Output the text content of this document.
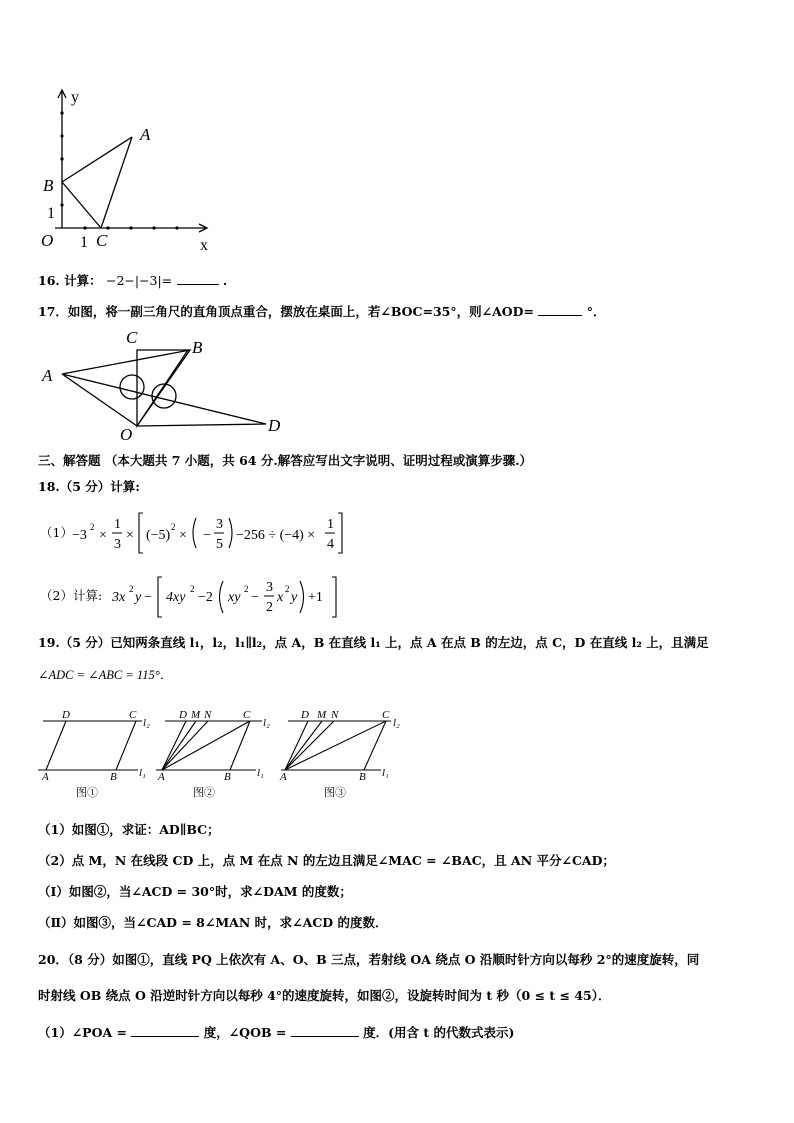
y
x
O
1
1
A
B
C
16. 计算： −2−|−3|=	.
17．如图，将一副三角尺的直角顶点重合，摆放在桌面上，若∠BOC=35°，则∠AOD=	°．
C
B
A
D
O
三、解答题 （本大题共 7 小题，共 64 分.解答应写出文字说明、证明过程或演算步骤.）
18.（5 分）计算:
（1） −3
2
×
1
3
× (−5)
2
× −
3
5
−256 ÷ (−4) ×
1
4
（2）计算: 3x
2
y − 4xy
2
−2 xy
2
−
3
2
x
2
y +1
19.（5 分）已知两条直线 l₁，l₂，l₁∥l₂，点 A，B 在直线 l₁ 上，点 A 在点 B 的左边，点 C，D 在直线 l₂ 上，且满足
∠ADC = ∠ABC = 115°．
D	C
l₂
A	B l₁
D M N	C
l₂
A	B l₁
D M N	C
l₂
A	B l₁
图①	图②	图③
（1）如图①，求证：AD∥BC；
（2）点 M，N 在线段 CD 上，点 M 在点 N 的左边且满足∠MAC = ∠BAC，且 AN 平分∠CAD；
（Ⅰ）如图②，当∠ACD = 30°时，求∠DAM 的度数；
（Ⅱ）如图③，当∠CAD = 8∠MAN 时，求∠ACD 的度数．
20．（8 分）如图①，直线 PQ 上依次有 A、O、B 三点，若射线 OA 绕点 O 沿顺时针方向以每秒 2°的速度旋转，同
时射线 OB 绕点 O 沿逆时针方向以每秒 4°的速度旋转，如图②，设旋转时间为 t 秒（0 ≤ t ≤ 45）．
（1）∠POA =	度，∠QOB =	度．(用含 t 的代数式表示)
